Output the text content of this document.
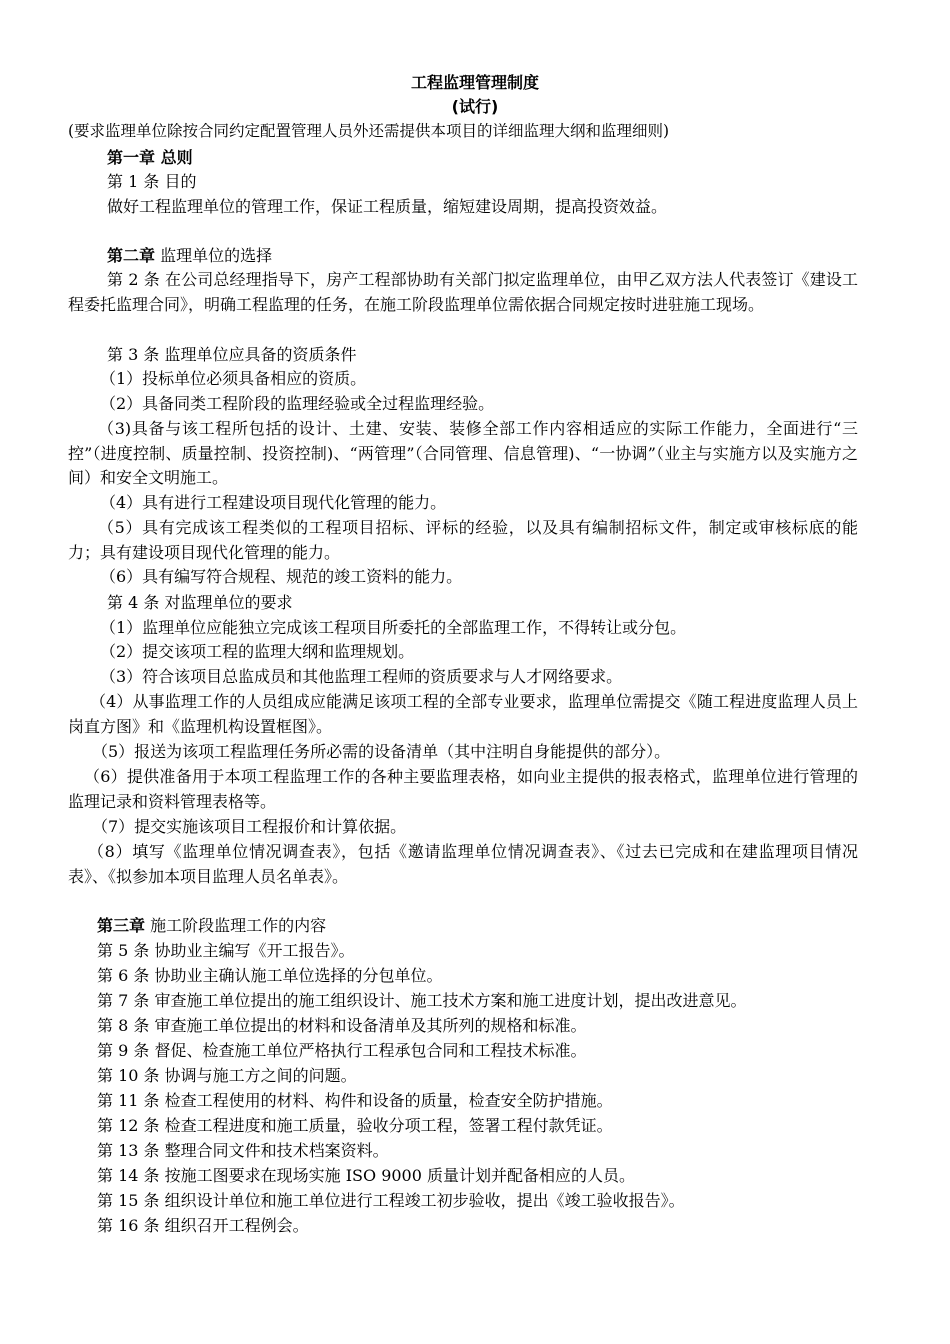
工程监理管理制度
(试行)
(要求监理单位除按合同约定配置管理人员外还需提供本项目的详细监理大纲和监理细则)
第一章 总则
第 1 条 目的
做好工程监理单位的管理工作，保证工程质量，缩短建设周期，提高投资效益。
第二章 监理单位的选择
第 2 条 在公司总经理指导下，房产工程部协助有关部门拟定监理单位，由甲乙双方法人代表签订《建设工程委托监理合同》，明确工程监理的任务，在施工阶段监理单位需依据合同规定按时进驻施工现场。
第 3 条 监理单位应具备的资质条件
（1）投标单位必须具备相应的资质。
（2）具备同类工程阶段的监理经验或全过程监理经验。
（3)具备与该工程所包括的设计、土建、安装、装修全部工作内容相适应的实际工作能力，全面进行“三控”（进度控制、质量控制、投资控制)、“两管理”（合同管理、信息管理)、“一协调”（业主与实施方以及实施方之间）和安全文明施工。
（4）具有进行工程建设项目现代化管理的能力。
（5）具有完成该工程类似的工程项目招标、评标的经验，以及具有编制招标文件，制定或审核标底的能力；具有建设项目现代化管理的能力。
（6）具有编写符合规程、规范的竣工资料的能力。
第 4 条 对监理单位的要求
（1）监理单位应能独立完成该工程项目所委托的全部监理工作，不得转让或分包。
（2）提交该项工程的监理大纲和监理规划。
（3）符合该项目总监成员和其他监理工程师的资质要求与人才网络要求。
（4）从事监理工作的人员组成应能满足该项工程的全部专业要求，监理单位需提交《随工程进度监理人员上岗直方图》和《监理机构设置框图》。
（5）报送为该项工程监理任务所必需的设备清单（其中注明自身能提供的部分）。
（6）提供准备用于本项工程监理工作的各种主要监理表格，如向业主提供的报表格式，监理单位进行管理的监理记录和资料管理表格等。
（7）提交实施该项目工程报价和计算依据。
（8）填写《监理单位情况调查表》，包括《邀请监理单位情况调查表》、《过去已完成和在建监理项目情况表》、《拟参加本项目监理人员名单表》。
第三章 施工阶段监理工作的内容
第 5 条 协助业主编写《开工报告》。
第 6 条 协助业主确认施工单位选择的分包单位。
第 7 条 审查施工单位提出的施工组织设计、施工技术方案和施工进度计划，提出改进意见。
第 8 条 审查施工单位提出的材料和设备清单及其所列的规格和标准。
第 9 条 督促、检查施工单位严格执行工程承包合同和工程技术标准。
第 10 条 协调与施工方之间的问题。
第 11 条 检查工程使用的材料、构件和设备的质量，检查安全防护措施。
第 12 条 检查工程进度和施工质量，验收分项工程，签署工程付款凭证。
第 13 条 整理合同文件和技术档案资料。
第 14 条 按施工图要求在现场实施 ISO 9000 质量计划并配备相应的人员。
第 15 条 组织设计单位和施工单位进行工程竣工初步验收，提出《竣工验收报告》。
第 16 条 组织召开工程例会。
